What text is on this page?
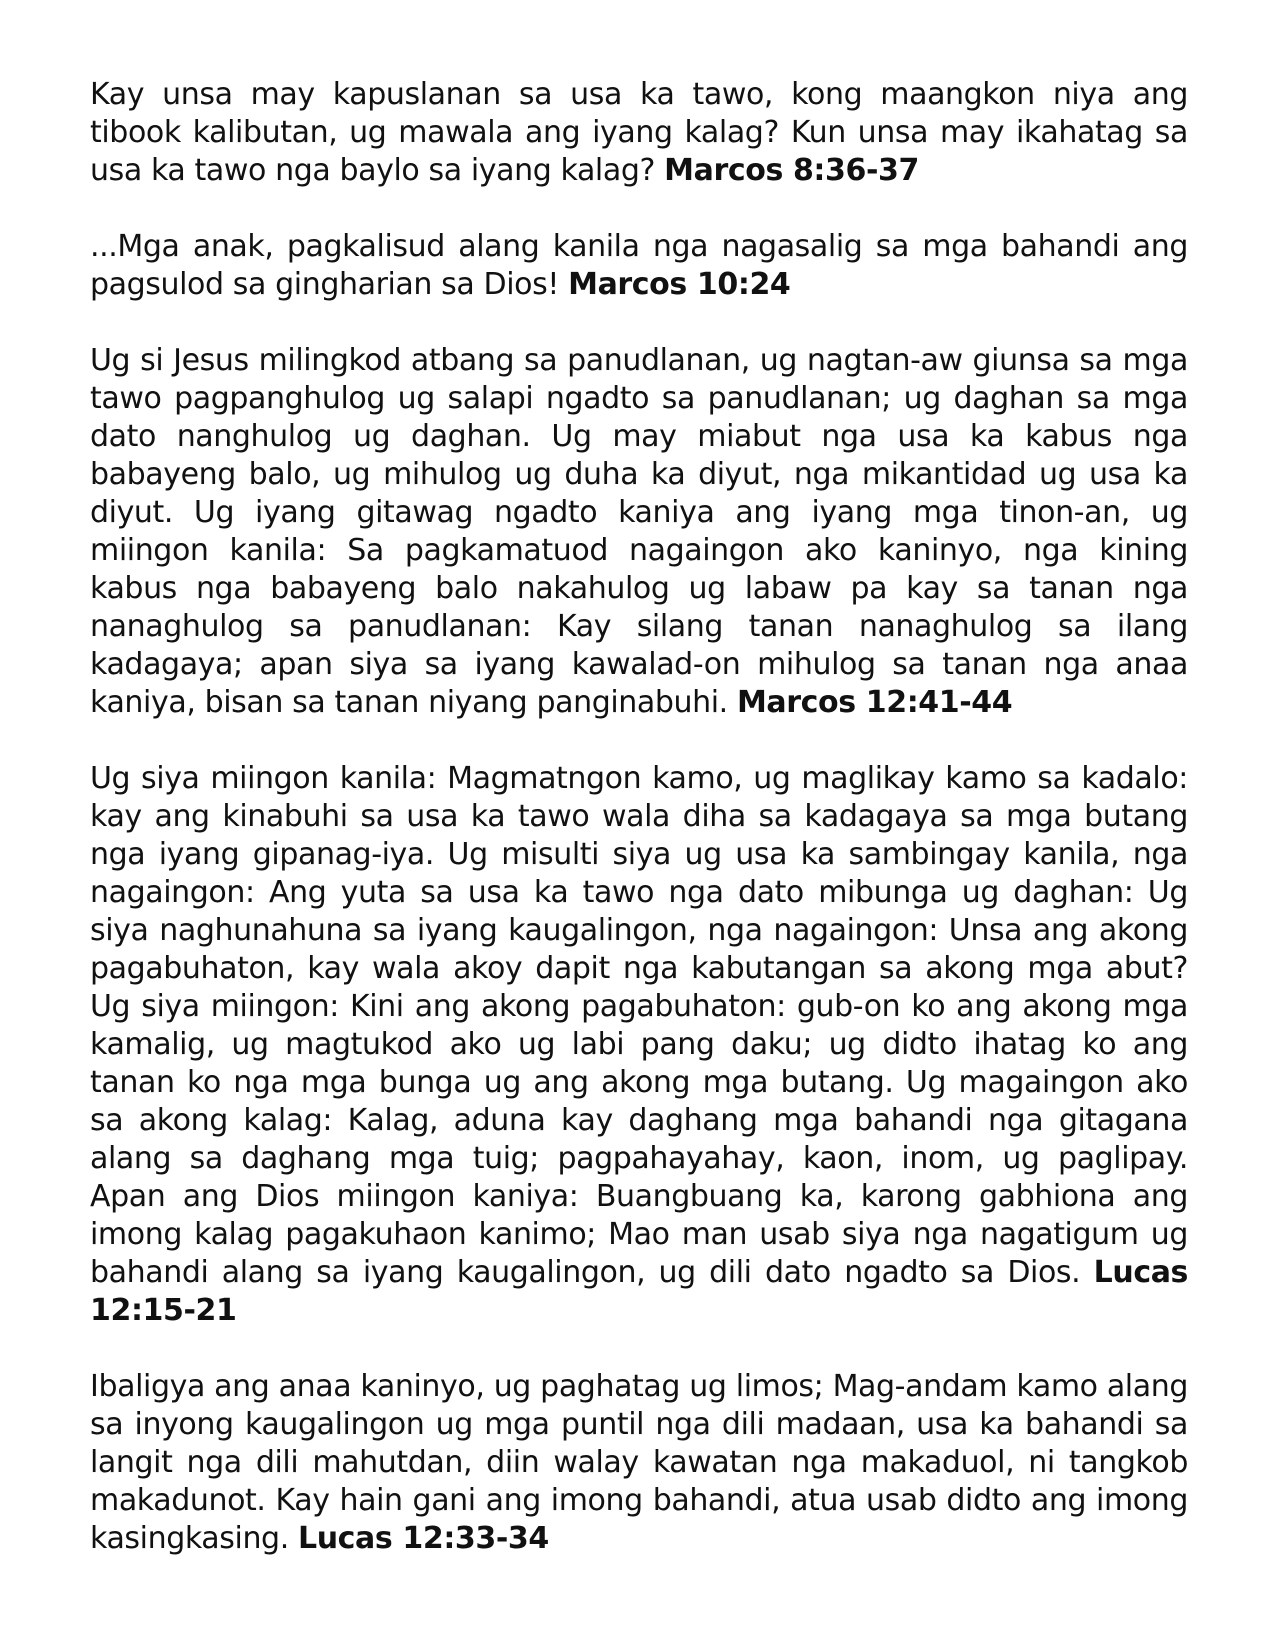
Kay unsa may kapuslanan sa usa ka tawo, kong maangkon niya ang tibook kalibutan, ug mawala ang iyang kalag? Kun unsa may ikahatag sa usa ka tawo nga baylo sa iyang kalag? Marcos 8:36-37

...Mga anak, pagkalisud alang kanila nga nagasalig sa mga bahandi ang pagsulod sa gingharian sa Dios! Marcos 10:24

Ug si Jesus milingkod atbang sa panudlanan, ug nagtan-aw giunsa sa mga tawo pagpanghulog ug salapi ngadto sa panudlanan; ug daghan sa mga dato nanghulog ug daghan. Ug may miabut nga usa ka kabus nga babayeng balo, ug mihulog ug duha ka diyut, nga mikantidad ug usa ka diyut. Ug iyang gitawag ngadto kaniya ang iyang mga tinon-an, ug miingon kanila: Sa pagkamatuod nagaingon ako kaninyo, nga kining kabus nga babayeng balo nakahulog ug labaw pa kay sa tanan nga nanaghulog sa panudlanan: Kay silang tanan nanaghulog sa ilang kadagaya; apan siya sa iyang kawalad-on mihulog sa tanan nga anaa kaniya, bisan sa tanan niyang panginabuhi. Marcos 12:41-44

Ug siya miingon kanila: Magmatngon kamo, ug maglikay kamo sa kadalo: kay ang kinabuhi sa usa ka tawo wala diha sa kadagaya sa mga butang nga iyang gipanag-iya. Ug misulti siya ug usa ka sambingay kanila, nga nagaingon: Ang yuta sa usa ka tawo nga dato mibunga ug daghan: Ug siya naghunahuna sa iyang kaugalingon, nga nagaingon: Unsa ang akong pagabuhaton, kay wala akoy dapit nga kabutangan sa akong mga abut? Ug siya miingon: Kini ang akong pagabuhaton: gub-on ko ang akong mga kamalig, ug magtukod ako ug labi pang daku; ug didto ihatag ko ang tanan ko nga mga bunga ug ang akong mga butang. Ug magaingon ako sa akong kalag: Kalag, aduna kay daghang mga bahandi nga gitagana alang sa daghang mga tuig; pagpahayahay, kaon, inom, ug paglipay. Apan ang Dios miingon kaniya: Buangbuang ka, karong gabhiona ang imong kalag pagakuhaon kanimo; Mao man usab siya nga nagatigum ug bahandi alang sa iyang kaugalingon, ug dili dato ngadto sa Dios. Lucas 12:15-21

Ibaligya ang anaa kaninyo, ug paghatag ug limos; Mag-andam kamo alang sa inyong kaugalingon ug mga puntil nga dili madaan, usa ka bahandi sa langit nga dili mahutdan, diin walay kawatan nga makaduol, ni tangkob makadunot. Kay hain gani ang imong bahandi, atua usab didto ang imong kasingkasing. Lucas 12:33-34
